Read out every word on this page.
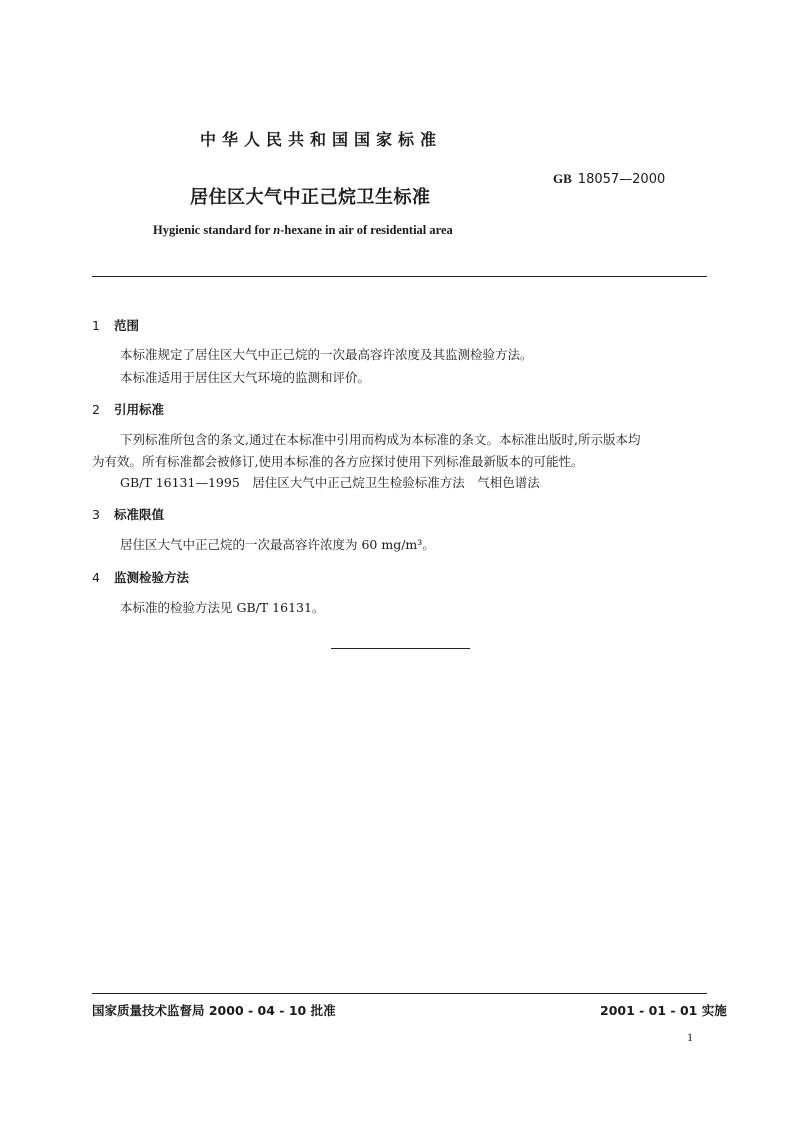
中华人民共和国国家标准
GB 18057—2000
居住区大气中正己烷卫生标准
Hygienic standard for n-hexane in air of residential area
1 范围
本标准规定了居住区大气中正己烷的一次最高容许浓度及其监测检验方法。
本标准适用于居住区大气环境的监测和评价。
2 引用标准
下列标准所包含的条文,通过在本标准中引用而构成为本标准的条文。本标准出版时,所示版本均
为有效。所有标准都会被修订,使用本标准的各方应探讨使用下列标准最新版本的可能性。
GB/T 16131—1995　居住区大气中正己烷卫生检验标准方法　气相色谱法
3 标准限值
居住区大气中正己烷的一次最高容许浓度为 60 mg/m³。
4 监测检验方法
本标准的检验方法见 GB/T 16131。
国家质量技术监督局 2000 - 04 - 10 批准	2001 - 01 - 01 实施
1
